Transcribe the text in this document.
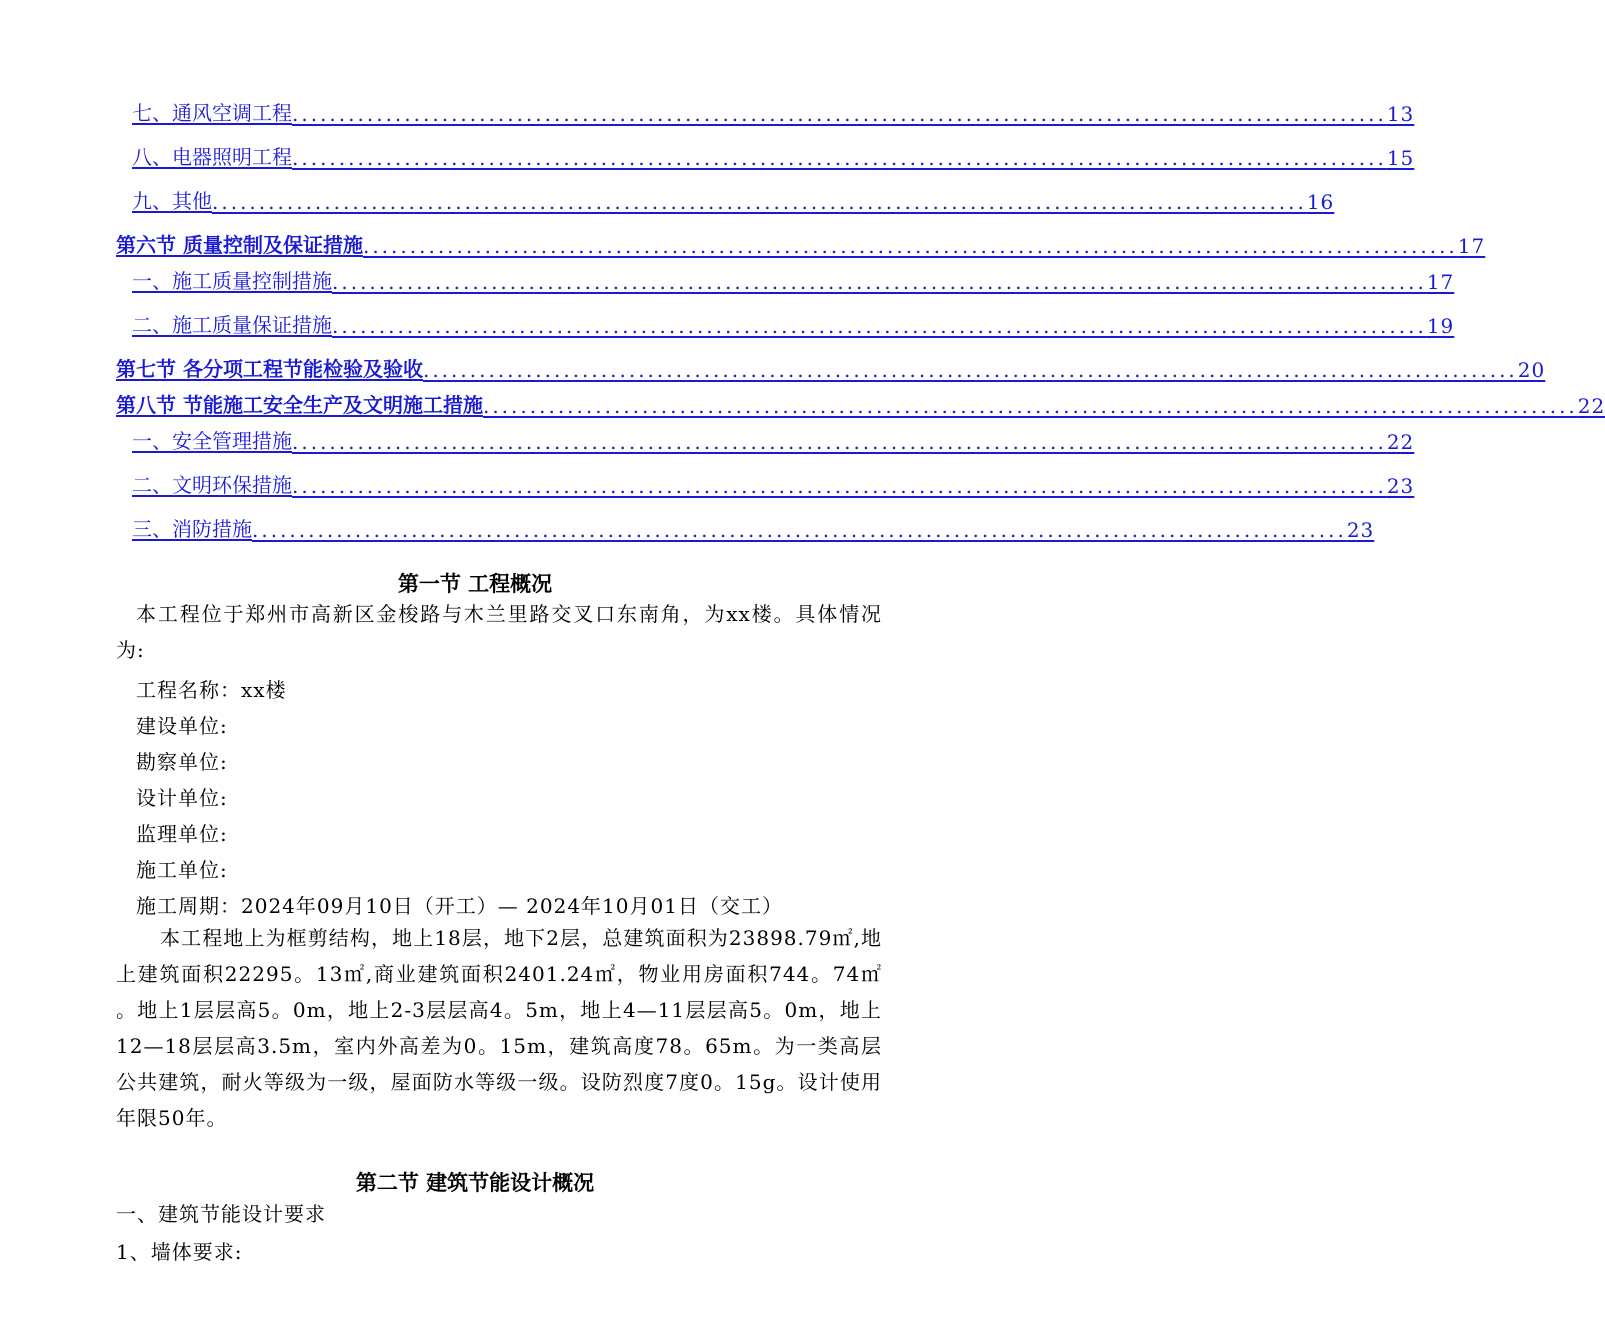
七、通风空调工程 ..................................................................................................................... 13
八、电器照明工程 ..................................................................................................................... 15
九、其他 ..................................................................................................................... 16
第六节 质量控制及保证措施 ..................................................................................................................... 17
一、施工质量控制措施 ..................................................................................................................... 17
二、施工质量保证措施 ..................................................................................................................... 19
第七节 各分项工程节能检验及验收 ..................................................................................................................... 20
第八节 节能施工安全生产及文明施工措施 ..................................................................................................................... 22
一、安全管理措施 ..................................................................................................................... 22
二、文明环保措施 ..................................................................................................................... 23
三、消防措施 ..................................................................................................................... 23
第一节 工程概况
本工程位于郑州市高新区金梭路与木兰里路交叉口东南角，为xx楼。具体情况为:
工程名称：xx楼
建设单位:
勘察单位:
设计单位:
监理单位:
施工单位:
施工周期：2024年09月10日（开工）— 2024年10月01日（交工）
本工程地上为框剪结构，地上18层，地下2层，总建筑面积为23898.79㎡,地上建筑面积22295。13㎡,商业建筑面积2401.24㎡，物业用房面积744。74㎡ 。地上1层层高5。0m，地上2-3层层高4。5m，地上4—11层层高5。0m，地上12—18层层高3.5m，室内外高差为0。15m，建筑高度78。65m。为一类高层公共建筑，耐火等级为一级，屋面防水等级一级。设防烈度7度0。15g。设计使用年限50年。
第二节 建筑节能设计概况
一、建筑节能设计要求
1、墙体要求:
